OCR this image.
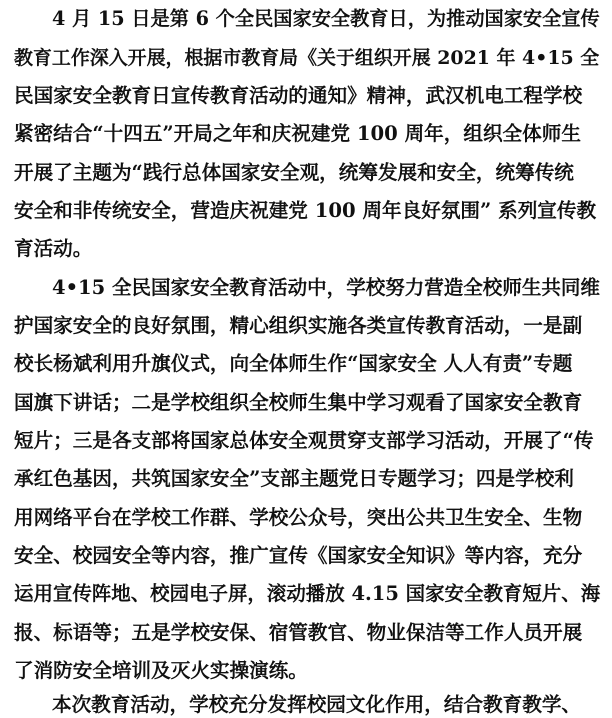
4 月 15 日是第 6 个全民国家安全教育日，为推动国家安全宣传
教育工作深入开展，根据市教育局《关于组织开展 2021 年 4•15 全
民国家安全教育日宣传教育活动的通知》精神，武汉机电工程学校
紧密结合“十四五”开局之年和庆祝建党 100 周年，组织全体师生
开展了主题为“践行总体国家安全观，统筹发展和安全，统筹传统
安全和非传统安全，营造庆祝建党 100 周年良好氛围” 系列宣传教
育活动。
4•15 全民国家安全教育活动中，学校努力营造全校师生共同维
护国家安全的良好氛围，精心组织实施各类宣传教育活动，一是副
校长杨斌利用升旗仪式，向全体师生作“国家安全 人人有责”专题
国旗下讲话；二是学校组织全校师生集中学习观看了国家安全教育
短片；三是各支部将国家总体安全观贯穿支部学习活动，开展了“传
承红色基因，共筑国家安全”支部主题党日专题学习；四是学校利
用网络平台在学校工作群、学校公众号，突出公共卫生安全、生物
安全、校园安全等内容，推广宣传《国家安全知识》等内容，充分
运用宣传阵地、校园电子屏，滚动播放 4.15 国家安全教育短片、海
报、标语等；五是学校安保、宿管教官、物业保洁等工作人员开展
了消防安全培训及灭火实操演练。
本次教育活动，学校充分发挥校园文化作用，结合教育教学、
